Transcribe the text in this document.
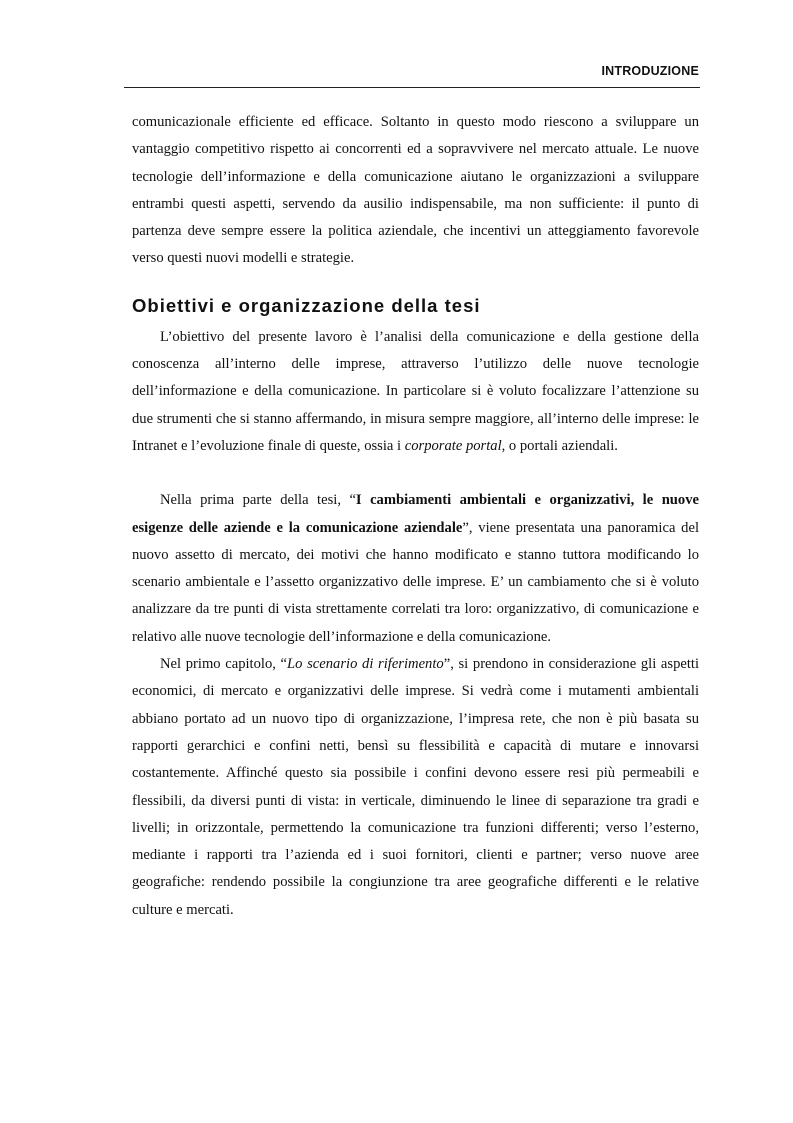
INTRODUZIONE

comunicazionale efficiente ed efficace. Soltanto in questo modo riescono a sviluppare un vantaggio competitivo rispetto ai concorrenti ed a sopravvivere nel mercato attuale. Le nuove tecnologie dell’informazione e della comunicazione aiutano le organizzazioni a sviluppare entrambi questi aspetti, servendo da ausilio indispensabile, ma non sufficiente: il punto di partenza deve sempre essere la politica aziendale, che incentivi un atteggiamento favorevole verso questi nuovi modelli e strategie.

Obiettivi e organizzazione della tesi

L’obiettivo del presente lavoro è l’analisi della comunicazione e della gestione della conoscenza all’interno delle imprese, attraverso l’utilizzo delle nuove tecnologie dell’informazione e della comunicazione. In particolare si è voluto focalizzare l’attenzione su due strumenti che si stanno affermando, in misura sempre maggiore, all’interno delle imprese: le Intranet e l’evoluzione finale di queste, ossia i corporate portal, o portali aziendali.

Nella prima parte della tesi, “I cambiamenti ambientali e organizzativi, le nuove esigenze delle aziende e la comunicazione aziendale”, viene presentata una panoramica del nuovo assetto di mercato, dei motivi che hanno modificato e stanno tuttora modificando lo scenario ambientale e l’assetto organizzativo delle imprese. E’ un cambiamento che si è voluto analizzare da tre punti di vista strettamente correlati tra loro: organizzativo, di comunicazione e relativo alle nuove tecnologie dell’informazione e della comunicazione.

Nel primo capitolo, “Lo scenario di riferimento”, si prendono in considerazione gli aspetti economici, di mercato e organizzativi delle imprese. Si vedrà come i mutamenti ambientali abbiano portato ad un nuovo tipo di organizzazione, l’impresa rete, che non è più basata su rapporti gerarchici e confini netti, bensì su flessibilità e capacità di mutare e innovarsi costantemente. Affinché questo sia possibile i confini devono essere resi più permeabili e flessibili, da diversi punti di vista: in verticale, diminuendo le linee di separazione tra gradi e livelli; in orizzontale, permettendo la comunicazione tra funzioni differenti; verso l’esterno, mediante i rapporti tra l’azienda ed i suoi fornitori, clienti e partner; verso nuove aree geografiche: rendendo possibile la congiunzione tra aree geografiche differenti e le relative culture e mercati.
